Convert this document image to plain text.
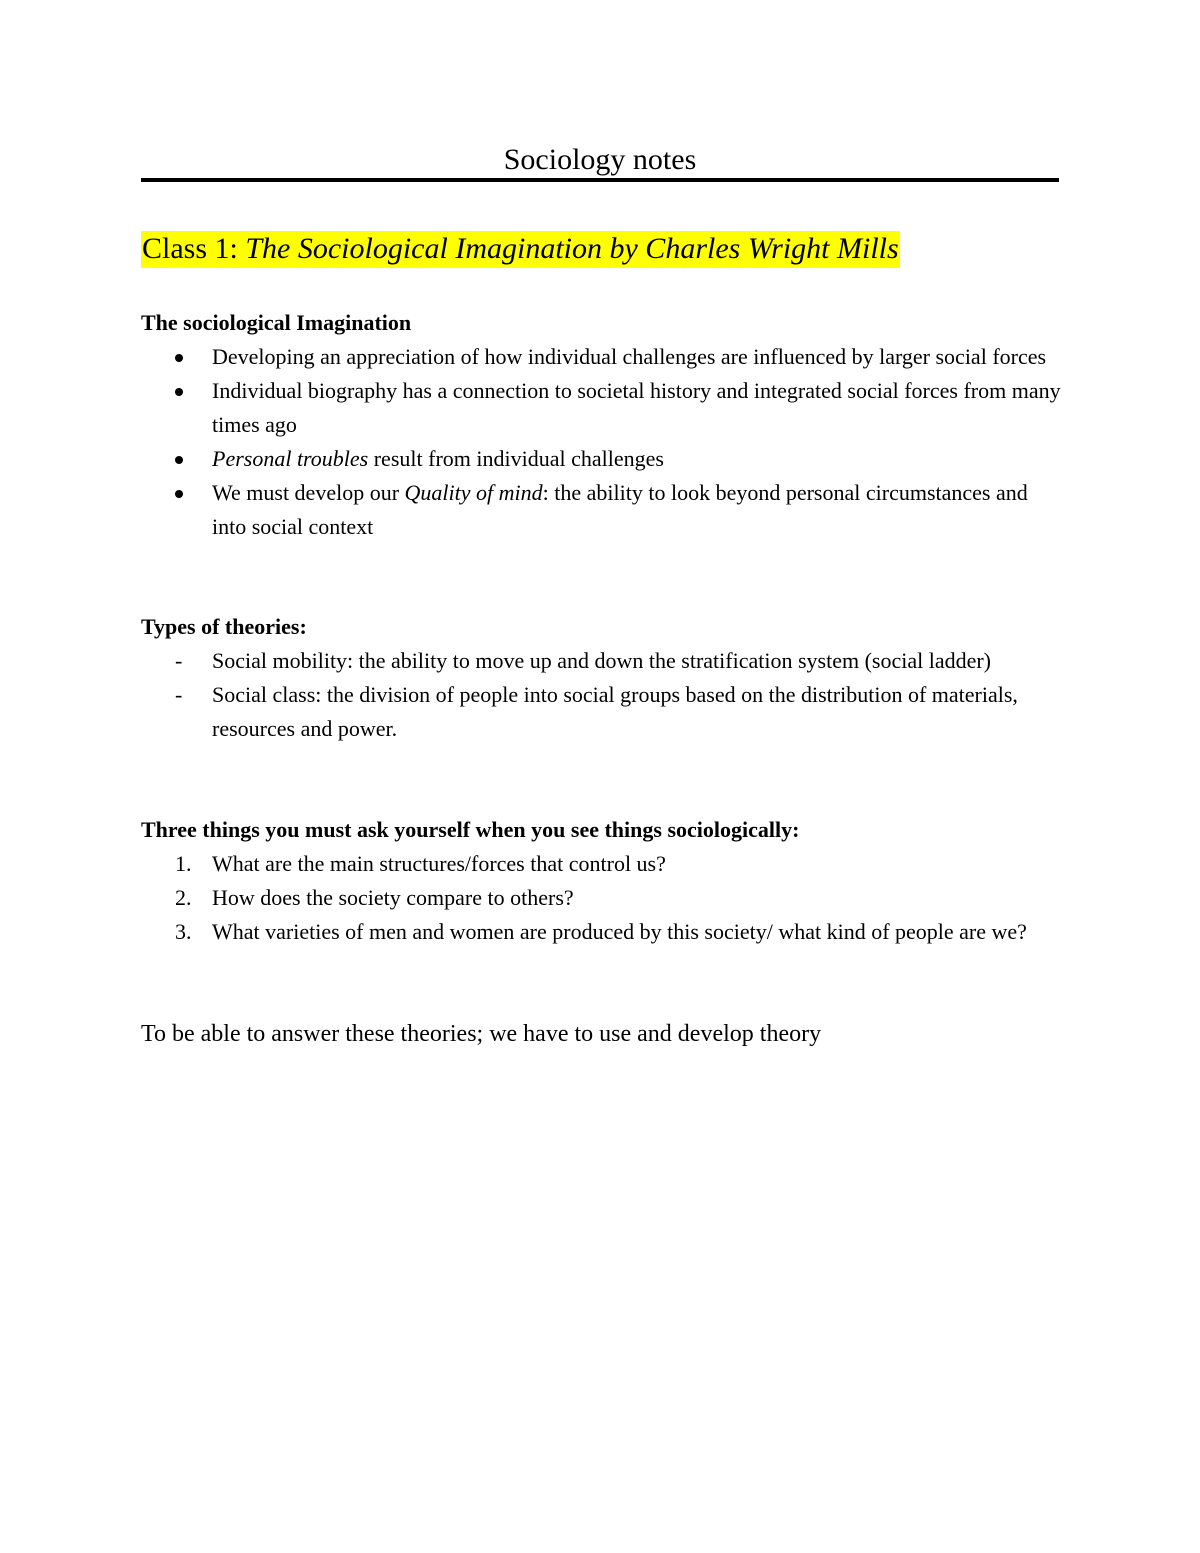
Sociology notes
Class 1: The Sociological Imagination by Charles Wright Mills

The sociological Imagination

Developing an appreciation of how individual challenges are influenced by larger social forces
Individual biography has a connection to societal history and integrated social forces from many times ago
Personal troubles result from individual challenges
We must develop our Quality of mind: the ability to look beyond personal circumstances and into social context

Types of theories:

-	Social mobility: the ability to move up and down the stratification system (social ladder)
-	Social class: the division of people into social groups based on the distribution of materials, resources and power.

Three things you must ask yourself when you see things sociologically:

1. What are the main structures/forces that control us?
2. How does the society compare to others?
3. What varieties of men and women are produced by this society/ what kind of people are we?
To be able to answer these theories; we have to use and develop theory
